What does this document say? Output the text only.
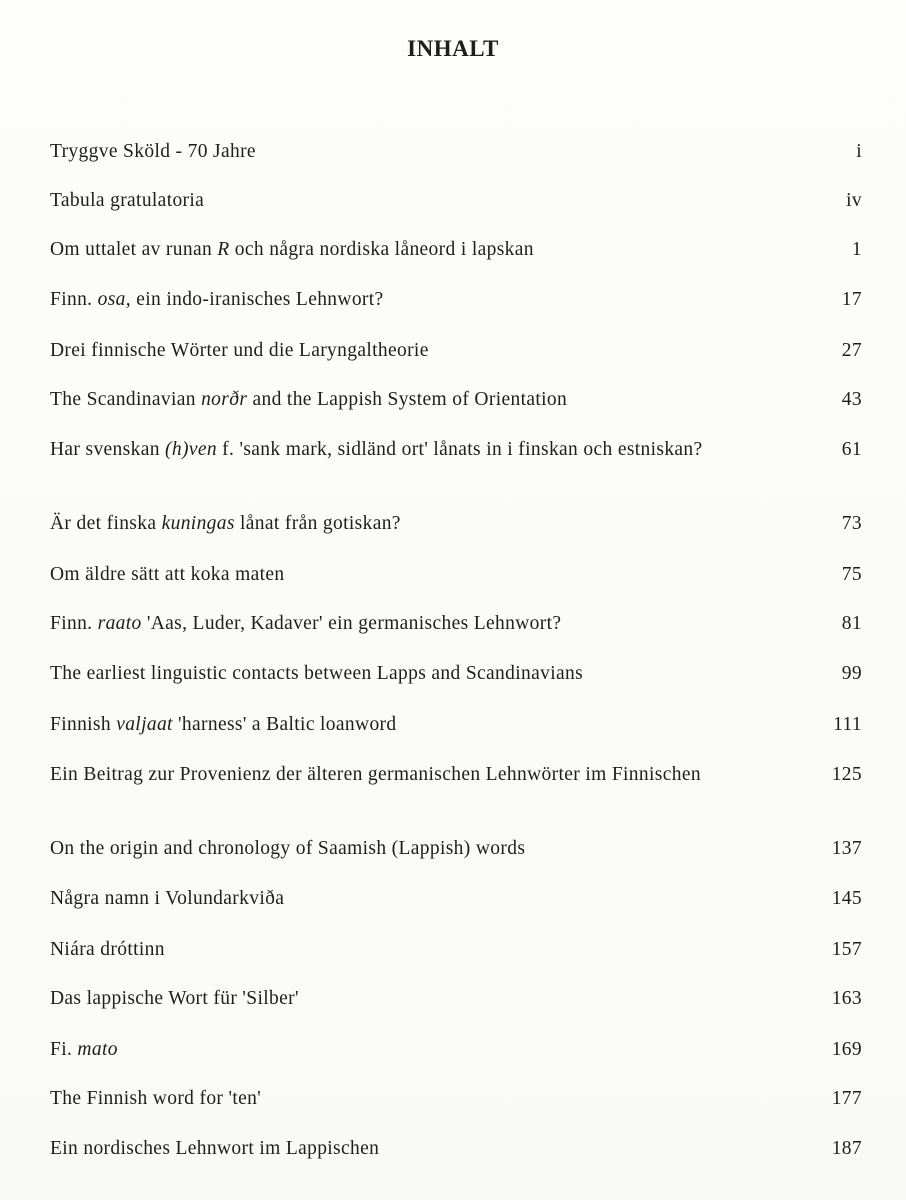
INHALT
Tryggve Sköld - 70 Jahre	i
Tabula gratulatoria	iv
Om uttalet av runan R och några nordiska låneord i lapskan	1
Finn. osa, ein indo-iranisches Lehnwort?	17
Drei finnische Wörter und die Laryngaltheorie	27
The Scandinavian norðr and the Lappish System of Orientation	43
Har svenskan (h)ven f. 'sank mark, sidländ ort' lånats in i finskan och estniskan?	61
Är det finska kuningas lånat från gotiskan?	73
Om äldre sätt att koka maten	75
Finn. raato 'Aas, Luder, Kadaver' ein germanisches Lehnwort?	81
The earliest linguistic contacts between Lapps and Scandinavians	99
Finnish valjaat 'harness' a Baltic loanword	111
Ein Beitrag zur Provenienz der älteren germanischen Lehnwörter im Finnischen	125
On the origin and chronology of Saamish (Lappish) words	137
Några namn i Volundarkviða	145
Niára dróttinn	157
Das lappische Wort für 'Silber'	163
Fi. mato	169
The Finnish word for 'ten'	177
Ein nordisches Lehnwort im Lappischen	187
